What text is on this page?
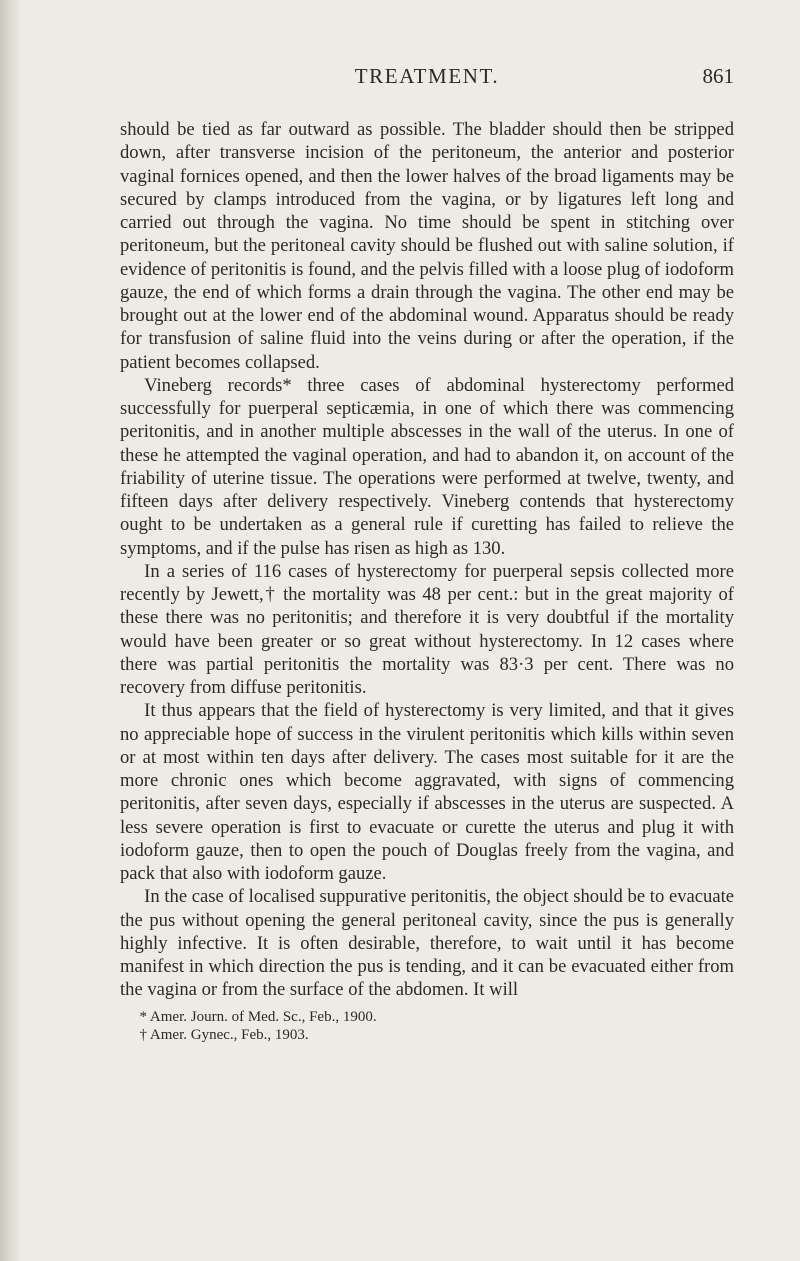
TREATMENT.	861

should be tied as far outward as possible. The bladder should then be stripped down, after transverse incision of the peritoneum, the anterior and posterior vaginal fornices opened, and then the lower halves of the broad ligaments may be secured by clamps introduced from the vagina, or by ligatures left long and carried out through the vagina. No time should be spent in stitching over peritoneum, but the peritoneal cavity should be flushed out with saline solution, if evidence of peritonitis is found, and the pelvis filled with a loose plug of iodoform gauze, the end of which forms a drain through the vagina. The other end may be brought out at the lower end of the abdominal wound. Apparatus should be ready for transfusion of saline fluid into the veins during or after the operation, if the patient becomes collapsed.

Vineberg records* three cases of abdominal hysterectomy performed successfully for puerperal septicæmia, in one of which there was commencing peritonitis, and in another multiple abscesses in the wall of the uterus. In one of these he attempted the vaginal operation, and had to abandon it, on account of the friability of uterine tissue. The operations were performed at twelve, twenty, and fifteen days after delivery respectively. Vineberg contends that hysterectomy ought to be undertaken as a general rule if curetting has failed to relieve the symptoms, and if the pulse has risen as high as 130.

In a series of 116 cases of hysterectomy for puerperal sepsis collected more recently by Jewett,† the mortality was 48 per cent.: but in the great majority of these there was no peritonitis; and therefore it is very doubtful if the mortality would have been greater or so great without hysterectomy. In 12 cases where there was partial peritonitis the mortality was 83·3 per cent. There was no recovery from diffuse peritonitis.

It thus appears that the field of hysterectomy is very limited, and that it gives no appreciable hope of success in the virulent peritonitis which kills within seven or at most within ten days after delivery. The cases most suitable for it are the more chronic ones which become aggravated, with signs of commencing peritonitis, after seven days, especially if abscesses in the uterus are suspected. A less severe operation is first to evacuate or curette the uterus and plug it with iodoform gauze, then to open the pouch of Douglas freely from the vagina, and pack that also with iodoform gauze.

In the case of localised suppurative peritonitis, the object should be to evacuate the pus without opening the general peritoneal cavity, since the pus is generally highly infective. It is often desirable, therefore, to wait until it has become manifest in which direction the pus is tending, and it can be evacuated either from the vagina or from the surface of the abdomen. It will

* Amer. Journ. of Med. Sc., Feb., 1900.

† Amer. Gynec., Feb., 1903.
